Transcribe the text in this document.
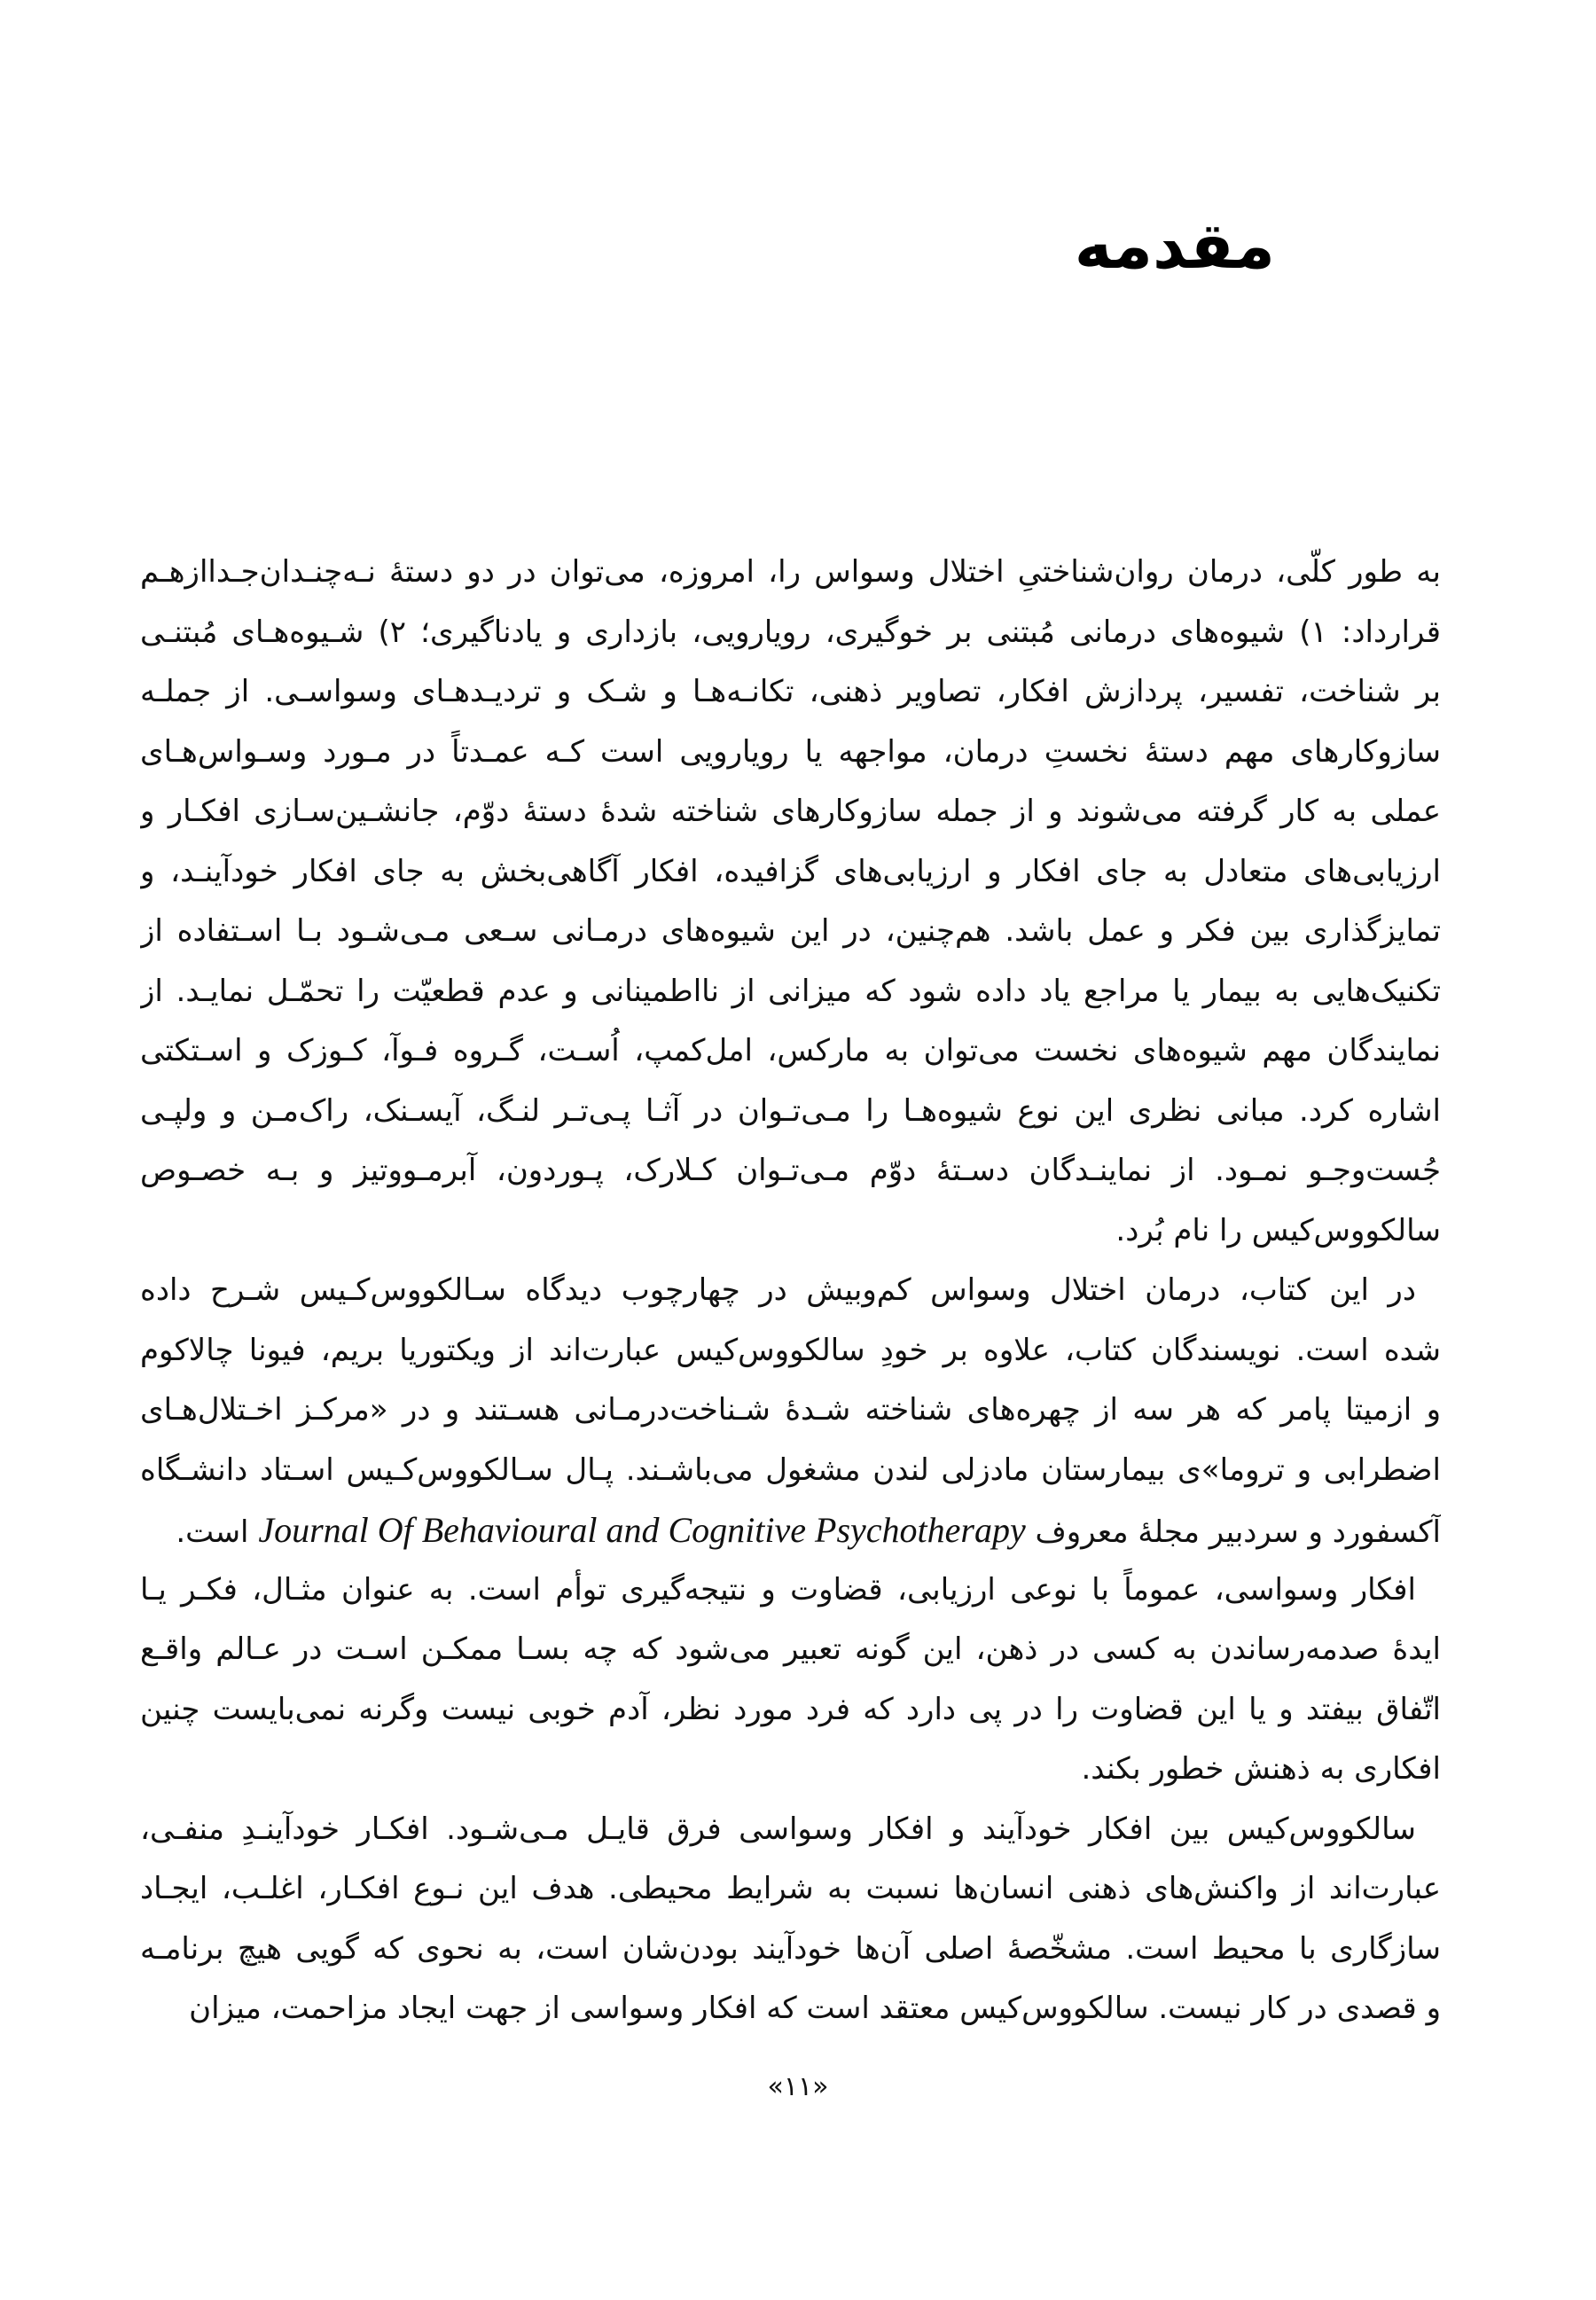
مقدمه
به طور کلّی، درمان روان‌شناختیِ اختلال وسواس را، امروزه، می‌توان در دو دستهٔ نـه‌چنـدان‌جـداازهـم
قرارداد: ۱) شیوه‌های درمانی مُبتنی بر خوگیری، رویارویی، بازداری و یادناگیری؛ ۲) شـیوه‌هـای مُبتنـی
بر شناخت، تفسیر، پردازش افکار، تصاویر ذهنی، تکانـه‌هـا و شـک و تردیـدهـای وسواسـی. از جملـه
سازوکارهای مهم دستهٔ نخستِ درمان، مواجهه یا رویارویی است کـه عمـدتاً در مـورد وسـواس‌هـای
عملی به کار گرفته می‌شوند و از جمله سازوکارهای شناخته شدهٔ دستهٔ دوّم، جانشـین‌سـازی افکـار و
ارزیابی‌های متعادل به جای افکار و ارزیابی‌های گزافیده، افکار آگاهی‌بخش به جای افکار خودآینـد، و
تمایزگذاری بین فکر و عمل باشد. هم‌چنین، در این شیوه‌های درمـانی سـعی مـی‌شـود بـا اسـتفاده از
تکنیک‌هایی به بیمار یا مراجع یاد داده شود که میزانی از نااطمینانی و عدم قطعیّت را تحمّـل نمایـد. از
نمایندگان مهم شیوه‌های نخست می‌توان به مارکس، امل‌کمپ، اُسـت، گـروه فـوآ، کـوزک و اسـتکتی
اشاره کرد. مبانی نظری این نوع شیوه‌هـا را مـی‌تـوان در آثـا پـی‌تـر لنـگ، آیسـنک، راک‌مـن و ولپـی
جُست‌وجـو نمـود. از نماینـدگان دسـتهٔ دوّم مـی‌تـوان کـلارک، پـوردون، آبرمـووتیز و بـه خصـوص
سالکووس‌کیس را نام بُرد.
در این کتاب، درمان اختلال وسواس کم‌وبیش در چهارچوب دیدگاه سـالکووس‌کـیس شـرح داده
شده است. نویسندگان کتاب، علاوه بر خودِ سالکووس‌کیس عبارت‌اند از ویکتوریا بریم، فیونا چالاکوم
و ازمیتا پامر که هر سه از چهره‌های شناخته شـدهٔ شـناخت‌درمـانی هسـتند و در «مرکـز اخـتلال‌هـای
اضطرابی و تروما»ی بیمارستان مادزلی لندن مشغول می‌باشـند. پـال سـالکووس‌کـیس اسـتاد دانشـگاه
آکسفورد و سردبیر مجلهٔ معروف Journal Of Behavioural and Cognitive Psychotherapy است.
افکار وسواسی، عموماً با نوعی ارزیابی، قضاوت و نتیجه‌گیری توأم است. به عنوان مثـال، فکـر یـا
ایدهٔ صدمه‌رساندن به کسی در ذهن، این گونه تعبیر می‌شود که چه بسـا ممکـن اسـت در عـالم واقـع
اتّفاق بیفتد و یا این قضاوت را در پی دارد که فرد مورد نظر، آدم خوبی نیست وگرنه نمی‌بایست چنین
افکاری به ذهنش خطور بکند.
سالکووس‌کیس بین افکار خودآیند و افکار وسواسی فرق قایـل مـی‌شـود. افکـار خودآینـدِ منفـی،
عبارت‌اند از واکنش‌های ذهنی انسان‌ها نسبت به شرایط محیطی. هدف این نـوع افکـار، اغلـب، ایجـاد
سازگاری با محیط است. مشخّصهٔ اصلی آن‌ها خودآیند بودن‌شان است، به نحوی که گویی هیچ برنامـه
و قصدی در کار نیست. سالکووس‌کیس معتقد است که افکار وسواسی از جهت ایجاد مزاحمت، میزان
«۱۱»
